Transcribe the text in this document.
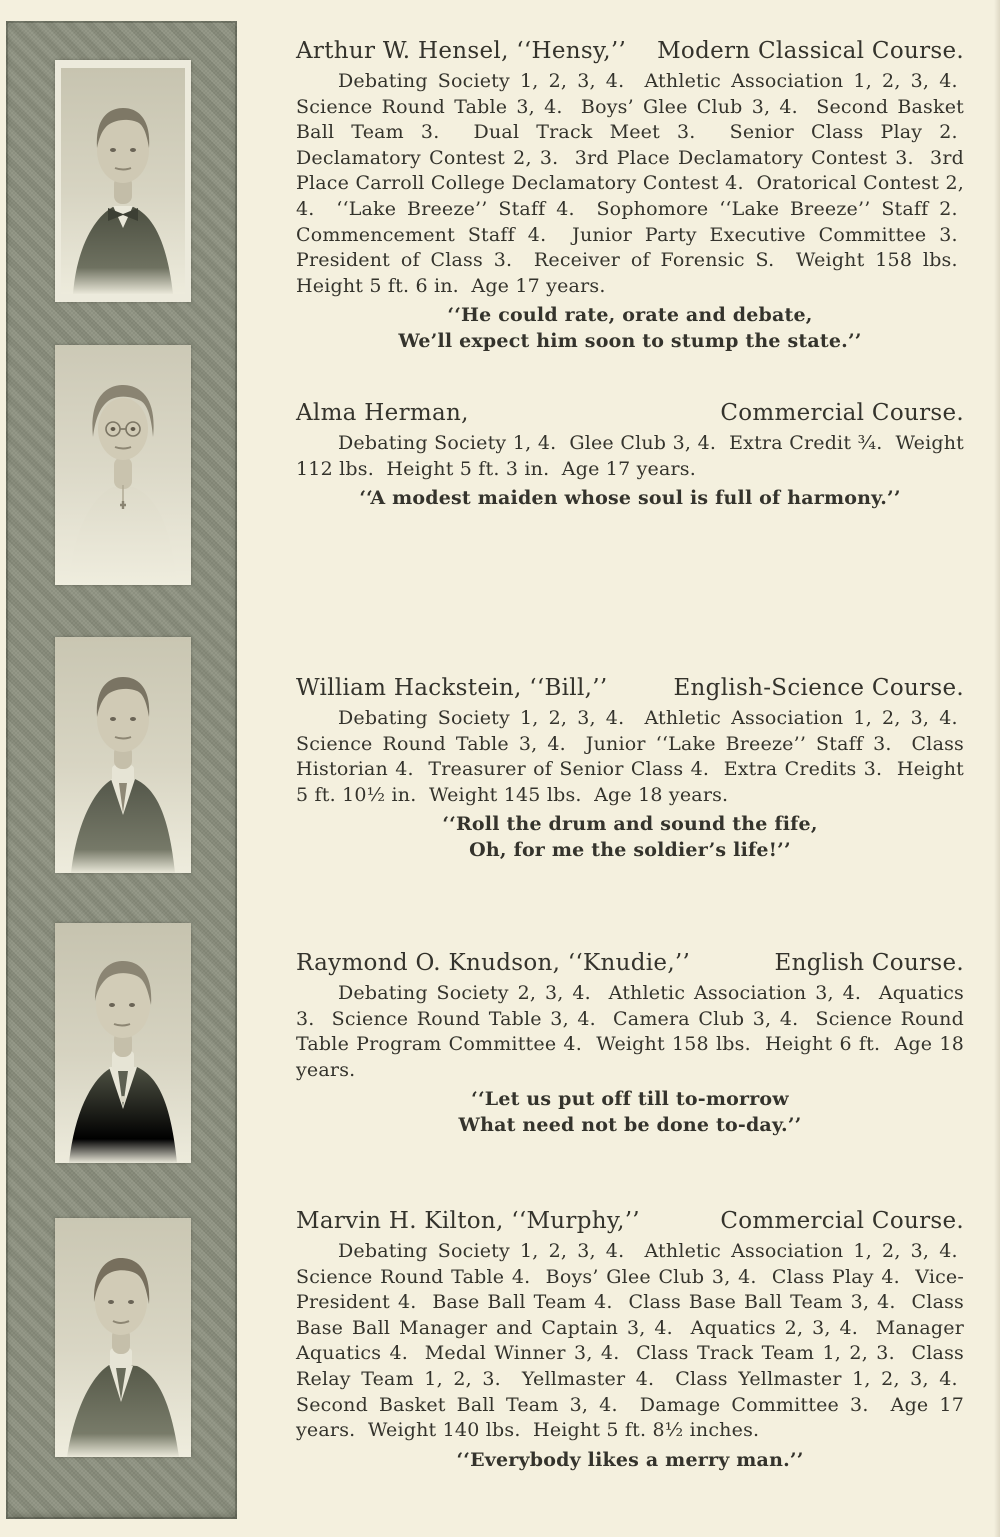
Arthur W. Hensel, ‘‘Hensy,’’ Modern Classical Course.
Debating Society 1, 2, 3, 4.  Athletic Association 1, 2, 3, 4.  Science Round Table 3, 4.  Boys’ Glee Club 3, 4.  Second Basket Ball Team 3.  Dual Track Meet 3.  Senior Class Play 2.  Declamatory Contest 2, 3.  3rd Place Declamatory Contest 3.  3rd Place Carroll College Declamatory Contest 4.  Oratorical Contest 2, 4.  ‘‘Lake Breeze’’ Staff 4.  Sophomore ‘‘Lake Breeze’’ Staff 2.  Commencement Staff 4.  Junior Party Executive Committee 3.  President of Class 3.  Receiver of Forensic S.  Weight 158 lbs.  Height 5 ft. 6 in.  Age 17 years.
‘‘He could rate, orate and debate,
We’ll expect him soon to stump the state.’’
Alma Herman,	Commercial Course.
Debating Society 1, 4.  Glee Club 3, 4.  Extra Credit ¾.  Weight 112 lbs.  Height 5 ft. 3 in.  Age 17 years.
‘‘A modest maiden whose soul is full of harmony.’’
William Hackstein, ‘‘Bill,’’	English-Science Course.
Debating Society 1, 2, 3, 4.  Athletic Association 1, 2, 3, 4.  Science Round Table 3, 4.  Junior ‘‘Lake Breeze’’ Staff 3.  Class Historian 4.  Treasurer of Senior Class 4.  Extra Credits 3.  Height 5 ft. 10½ in.  Weight 145 lbs.  Age 18 years.
‘‘Roll the drum and sound the fife,
Oh, for me the soldier’s life!’’
Raymond O. Knudson, ‘‘Knudie,’’	English Course.
Debating Society 2, 3, 4.  Athletic Association 3, 4.  Aquatics 3.  Science Round Table 3, 4.  Camera Club 3, 4.  Science Round Table Program Committee 4.  Weight 158 lbs.  Height 6 ft.  Age 18 years.
‘‘Let us put off till to-morrow
What need not be done to-day.’’
Marvin H. Kilton, ‘‘Murphy,’’	Commercial Course.
Debating Society 1, 2, 3, 4.  Athletic Association 1, 2, 3, 4.  Science Round Table 4.  Boys’ Glee Club 3, 4.  Class Play 4.  Vice-President 4.  Base Ball Team 4.  Class Base Ball Team 3, 4.  Class Base Ball Manager and Captain 3, 4.  Aquatics 2, 3, 4.  Manager Aquatics 4.  Medal Winner 3, 4.  Class Track Team 1, 2, 3.  Class Relay Team 1, 2, 3.  Yellmaster 4.  Class Yellmaster 1, 2, 3, 4.  Second Basket Ball Team 3, 4.  Damage Committee 3.  Age 17 years.  Weight 140 lbs.  Height 5 ft. 8½ inches.
‘‘Everybody likes a merry man.’’
